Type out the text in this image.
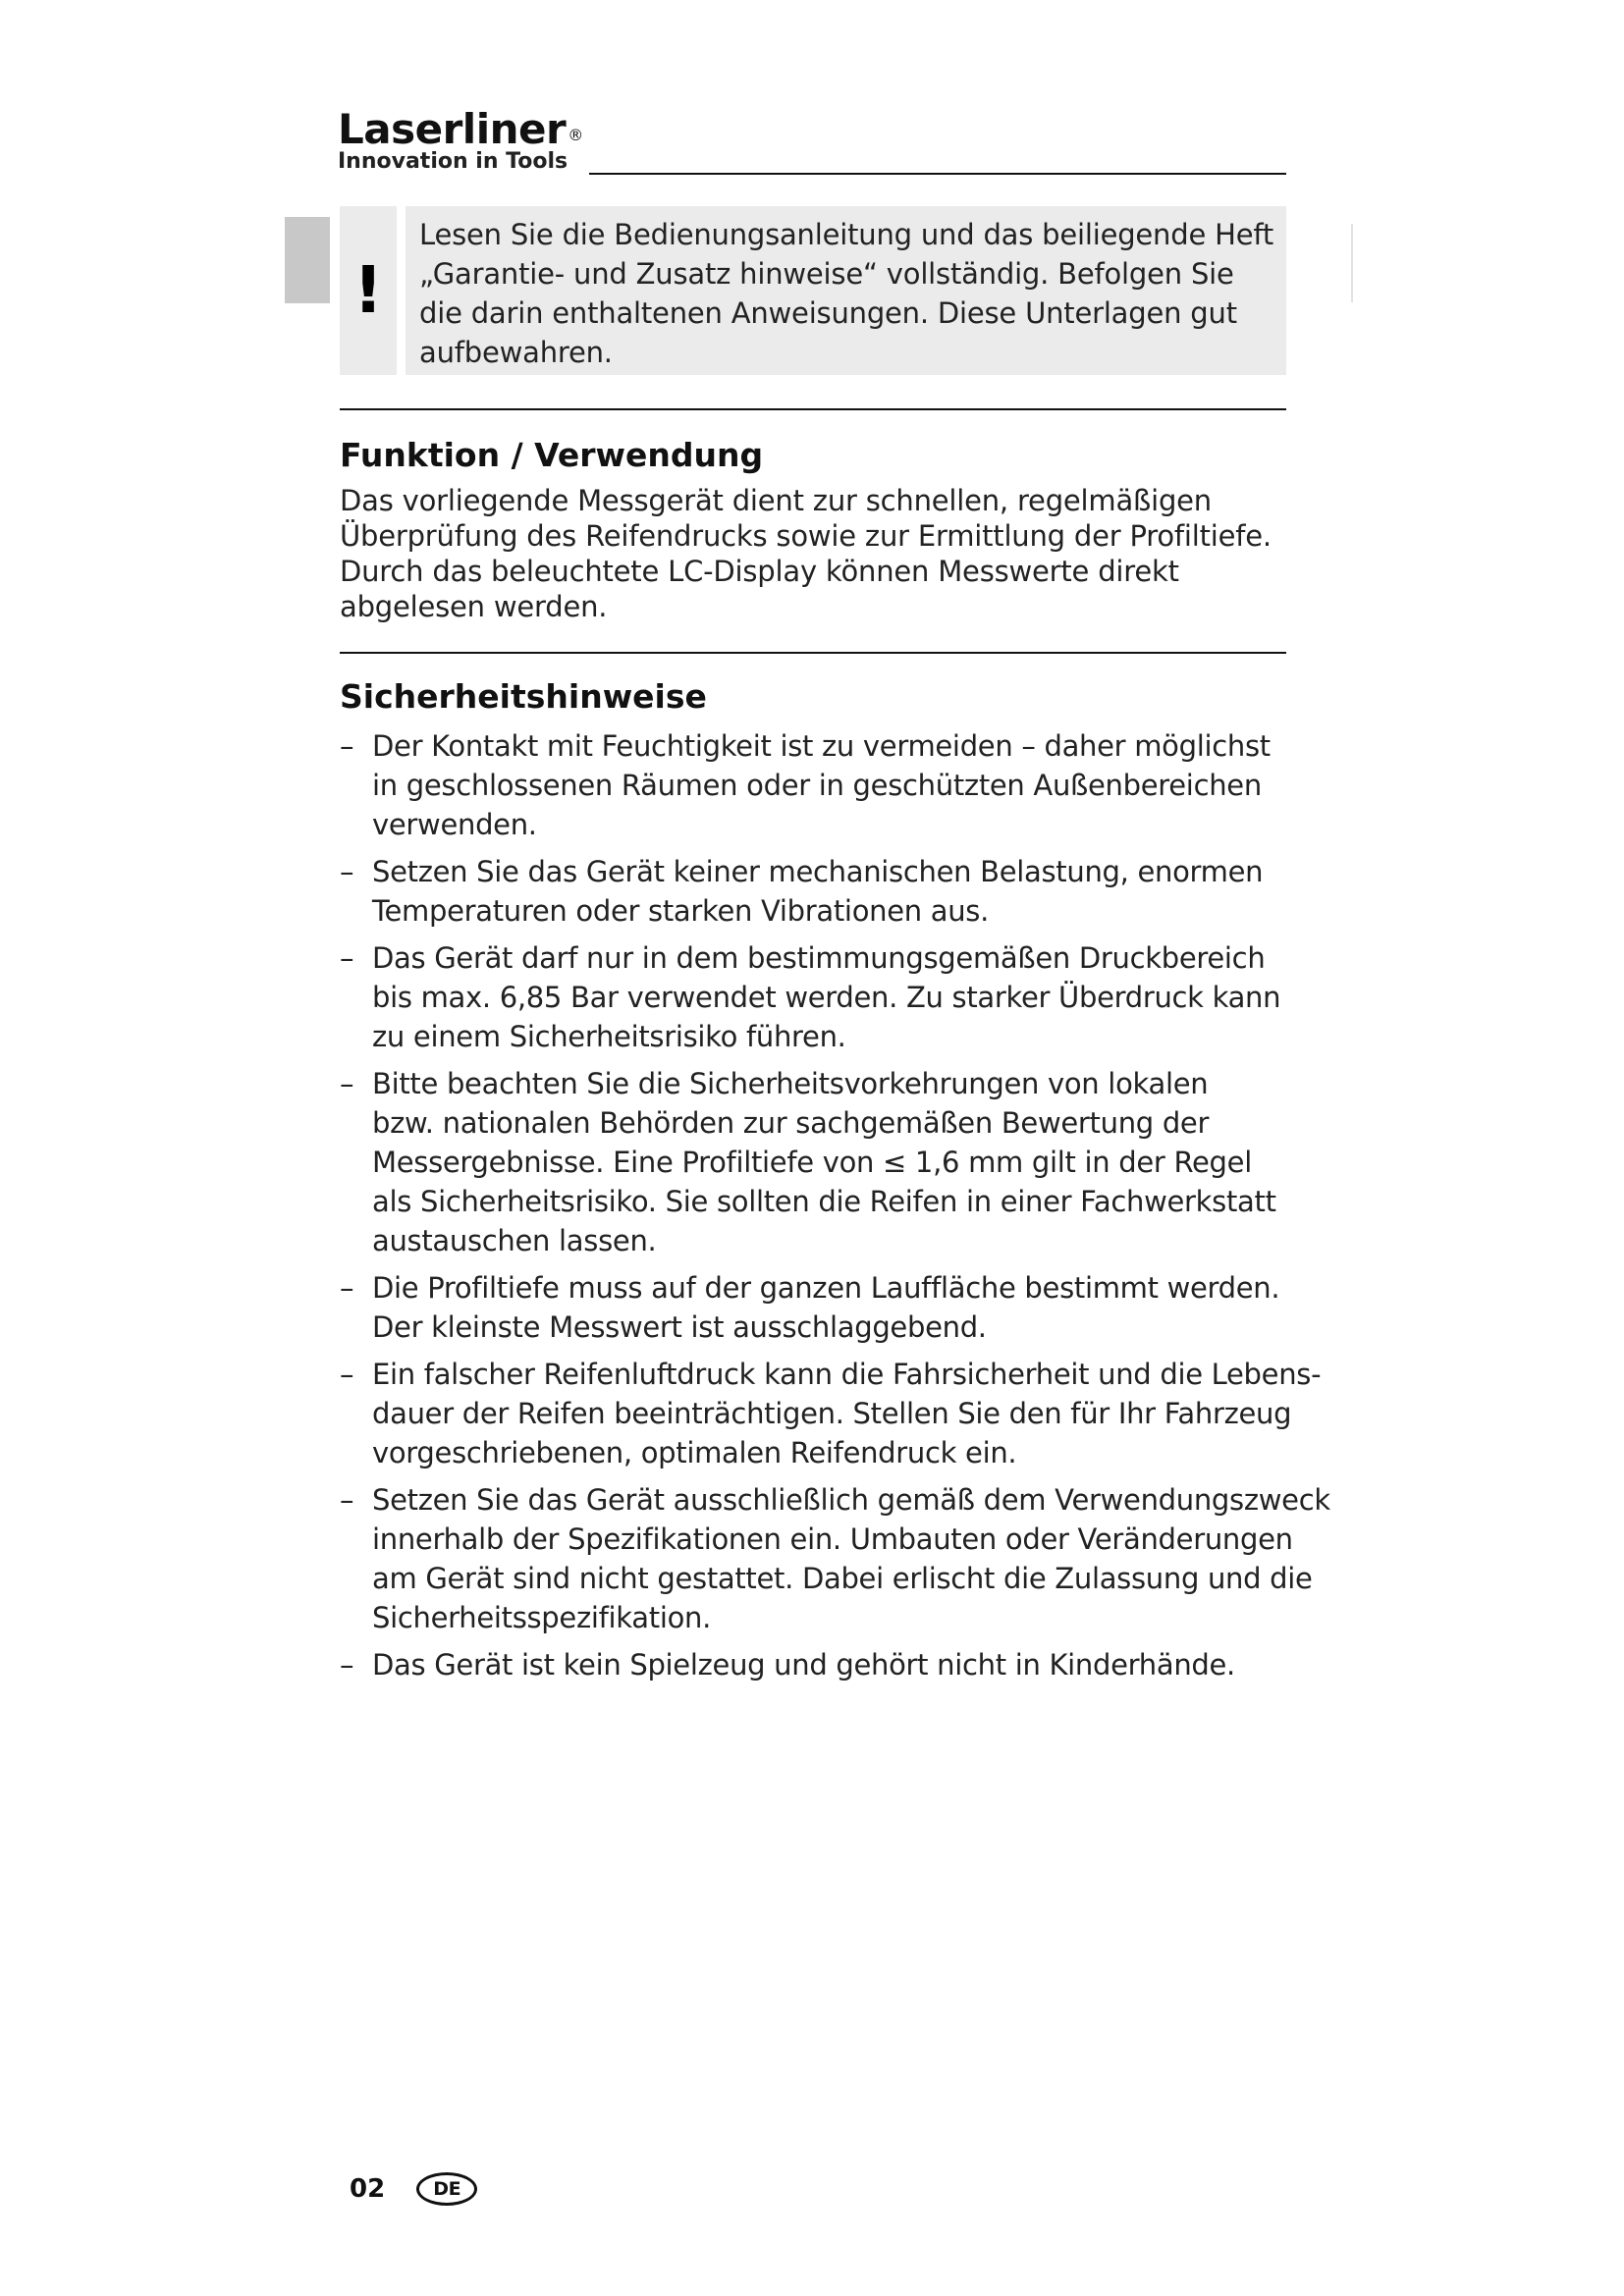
Laserliner ®
Innovation in Tools
!
Lesen Sie die Bedienungsanleitung und das beiliegende Heft
„Garantie- und Zusatz hinweise“ vollständig. Befolgen Sie
die darin enthaltenen Anweisungen. Diese Unterlagen gut
aufbewahren.
Funktion / Verwendung
Das vorliegende Messgerät dient zur schnellen, regelmäßigen
Überprüfung des Reifendrucks sowie zur Ermittlung der Profiltiefe.
Durch das beleuchtete LC-Display können Messwerte direkt
abgelesen werden.
Sicherheitshinweise
– Der Kontakt mit Feuchtigkeit ist zu vermeiden – daher möglichst
in geschlossenen Räumen oder in geschützten Außenbereichen
verwenden.
– Setzen Sie das Gerät keiner mechanischen Belastung, enormen
Temperaturen oder starken Vibrationen aus.
– Das Gerät darf nur in dem bestimmungsgemäßen Druckbereich
bis max. 6,85 Bar verwendet werden. Zu starker Überdruck kann
zu einem Sicherheitsrisiko führen.
– Bitte beachten Sie die Sicherheitsvorkehrungen von lokalen
bzw. nationalen Behörden zur sachgemäßen Bewertung der
Messergebnisse. Eine Profiltiefe von ≤ 1,6 mm gilt in der Regel
als Sicherheitsrisiko. Sie sollten die Reifen in einer Fachwerkstatt
austauschen lassen.
– Die Profiltiefe muss auf der ganzen Lauffläche bestimmt werden.
Der kleinste Messwert ist ausschlaggebend.
– Ein falscher Reifenluftdruck kann die Fahrsicherheit und die Lebens-
dauer der Reifen beeinträchtigen. Stellen Sie den für Ihr Fahrzeug
vorgeschriebenen, optimalen Reifendruck ein.
– Setzen Sie das Gerät ausschließlich gemäß dem Verwendungszweck
innerhalb der Spezifikationen ein. Umbauten oder Veränderungen
am Gerät sind nicht gestattet. Dabei erlischt die Zulassung und die
Sicherheitsspezifikation.
– Das Gerät ist kein Spielzeug und gehört nicht in Kinderhände.
02	DE
